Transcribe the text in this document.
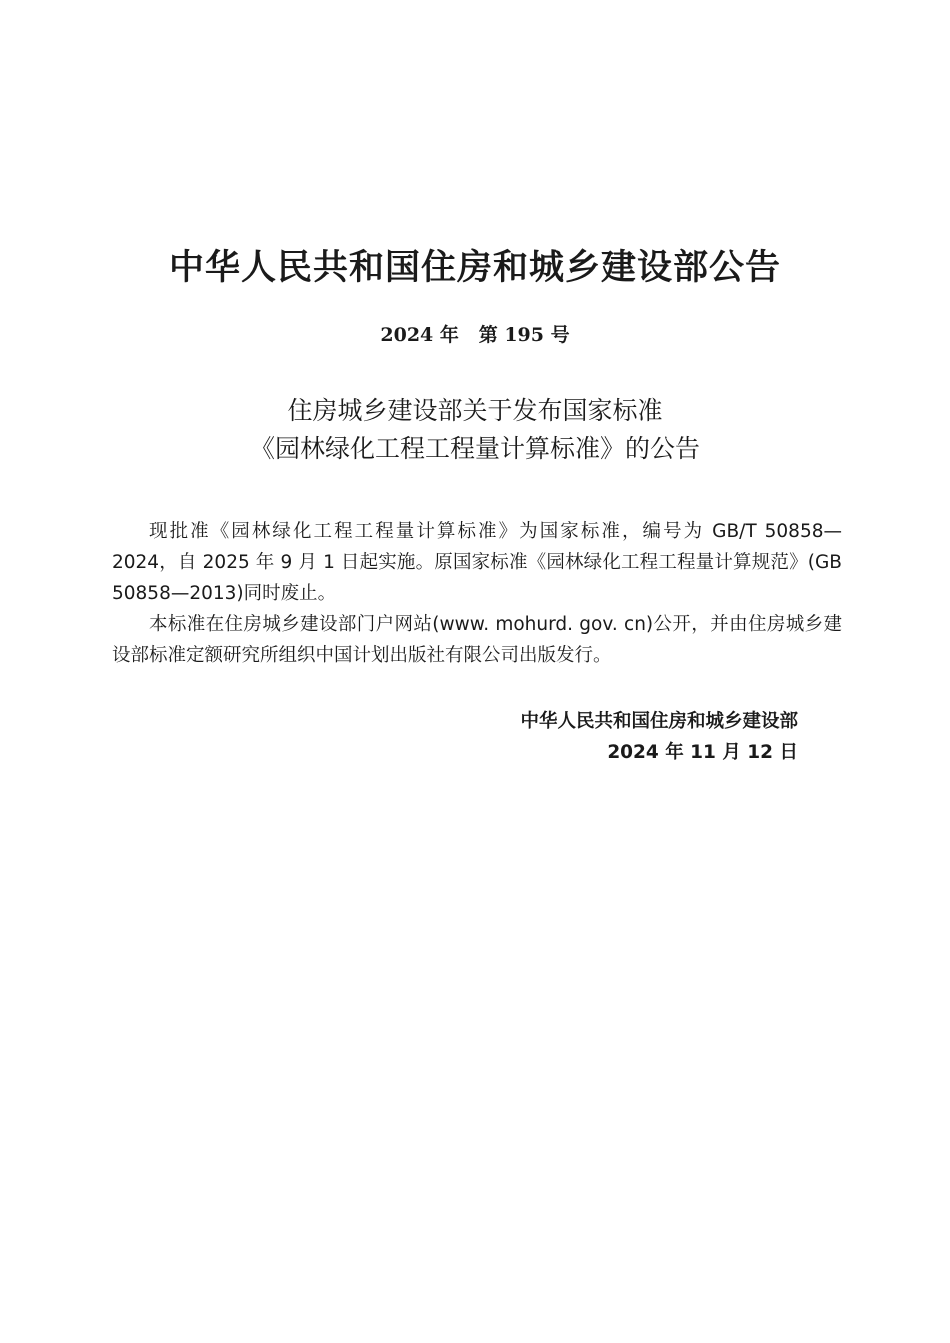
中华人民共和国住房和城乡建设部公告
2024 年   第 195 号
住房城乡建设部关于发布国家标准
《园林绿化工程工程量计算标准》的公告

现批准《园林绿化工程工程量计算标准》为国家标准，编号为 GB/T 50858—2024，自 2025 年 9 月 1 日起实施。原国家标准《园林绿化工程工程量计算规范》(GB 50858—2013)同时废止。

本标准在住房城乡建设部门户网站(www. mohurd. gov. cn)公开，并由住房城乡建设部标准定额研究所组织中国计划出版社有限公司出版发行。

中华人民共和国住房和城乡建设部
2024 年 11 月 12 日
